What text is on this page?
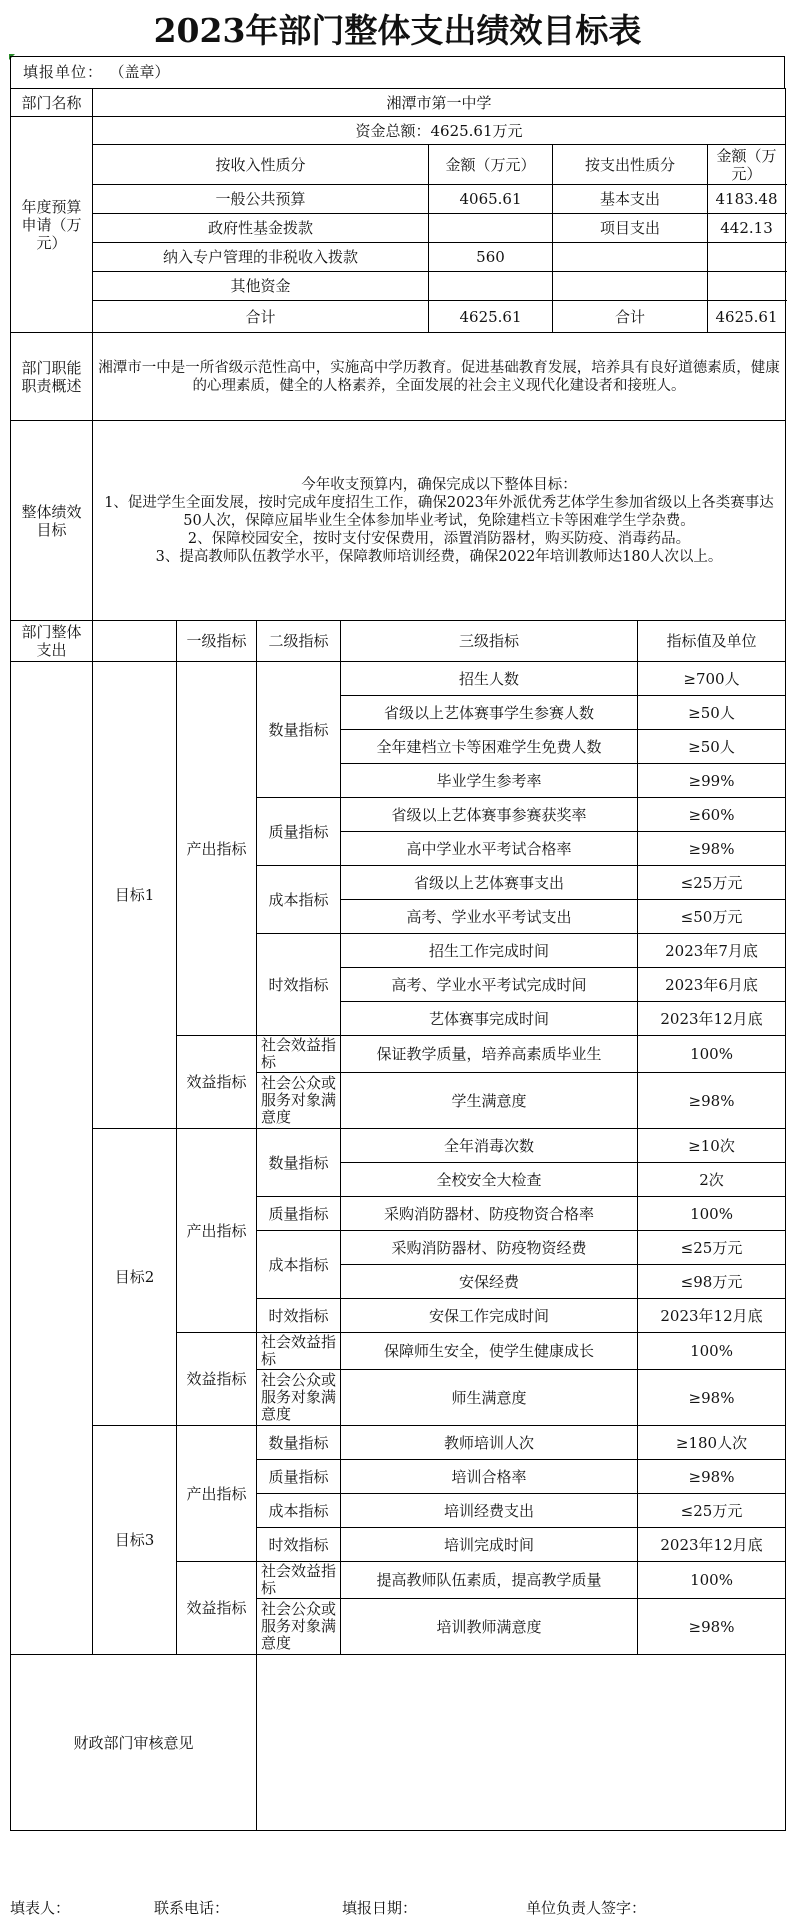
2023年部门整体支出绩效目标表
填报单位： （盖章）
部门名称	湘潭市第一中学							
年度预算申请（万元）	资金总额：4625.61万元							
	按收入性质分				金额（万元）	按支出性质分		金额（万元）
	一般公共预算				4065.61	基本支出		4183.48
	政府性基金拨款					项目支出		442.13
	纳入专户管理的非税收入拨款				560			
	其他资金							
	合计				4625.61	合计		4625.61
部门职能职责概述	湘潭市一中是一所省级示范性高中，实施高中学历教育。促进基础教育发展，培养具有良好道德素质，健康的心理素质，健全的人格素养，全面发展的社会主义现代化建设者和接班人。							
整体绩效目标	今年收支预算内，确保完成以下整体目标：
1、促进学生全面发展，按时完成年度招生工作，确保2023年外派优秀艺体学生参加省级以上各类赛事达50人次，保障应届毕业生全体参加毕业考试，免除建档立卡等困难学生学杂费。
2、保障校园安全，按时支付安保费用，添置消防器材，购买防疫、消毒药品。
3、提高教师队伍教学水平，保障教师培训经费，确保2022年培训教师达180人次以上。							

部门整体支出		一级指标	二级指标	三级指标			指标值及单位	
	目标1	产出指标	数量指标	招生人数			≥700人	
				省级以上艺体赛事学生参赛人数			≥50人	
				全年建档立卡等困难学生免费人数			≥50人	
				毕业学生参考率			≥99%	
			质量指标	省级以上艺体赛事参赛获奖率			≥60%	
				高中学业水平考试合格率			≥98%	
			成本指标	省级以上艺体赛事支出			≤25万元	
				高考、学业水平考试支出			≤50万元	
			时效指标	招生工作完成时间			2023年7月底	
				高考、学业水平考试完成时间			2023年6月底	
				艺体赛事完成时间			2023年12月底	
		效益指标	社会效益指标	保证教学质量，培养高素质毕业生			100%	
			社会公众或服务对象满意度	学生满意度			≥98%	
	目标2	产出指标	数量指标	全年消毒次数			≥10次	
				全校安全大检查			2次	
			质量指标	采购消防器材、防疫物资合格率			100%	
			成本指标	采购消防器材、防疫物资经费			≤25万元	
				安保经费			≤98万元	
			时效指标	安保工作完成时间			2023年12月底	
		效益指标	社会效益指标	保障师生安全，使学生健康成长			100%	
			社会公众或服务对象满意度	师生满意度			≥98%	
	目标3	产出指标	数量指标	教师培训人次			≥180人次	
			质量指标	培训合格率			≥98%	
			成本指标	培训经费支出			≤25万元	
			时效指标	培训完成时间			2023年12月底	
		效益指标	社会效益指标	提高教师队伍素质，提高教学质量			100%	
			社会公众或服务对象满意度	培训教师满意度			≥98%	
财政部门审核意见								
填表人：	联系电话：	填报日期：	单位负责人签字：
